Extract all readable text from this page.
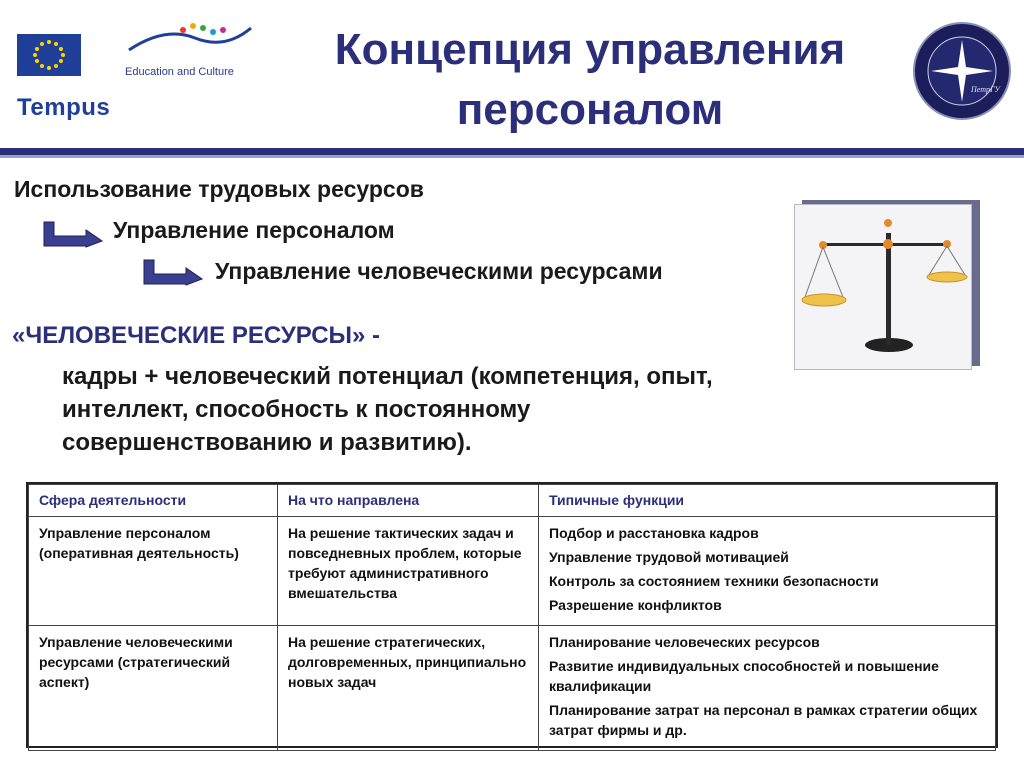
Education and Culture
Tempus
Концепция управления
персоналом	ПетрГУ
Использование трудовых ресурсов
Управление персоналом
Управление человеческими ресурсами
«ЧЕЛОВЕЧЕСКИЕ РЕСУРСЫ» -
кадры + человеческий потенциал (компетенция, опыт, интеллект, способность к постоянному совершенствованию и развитию).
Сфера деятельности	На что направлена	Типичные функции
Управление персоналом (оперативная деятельность)	На решение тактических задач и повседневных проблем, которые требуют административного вмешательства	Подбор и расстановка кадров
Управление трудовой мотивацией
Контроль за состоянием техники безопасности
Разрешение конфликтов

Управление человеческими ресурсами (стратегический аспект)	На решение стратегических, долговременных, принципиально новых задач	Планирование человеческих ресурсов
Развитие индивидуальных способностей и повышение квалификации
Планирование затрат на персонал в рамках стратегии общих затрат фирмы и др.
